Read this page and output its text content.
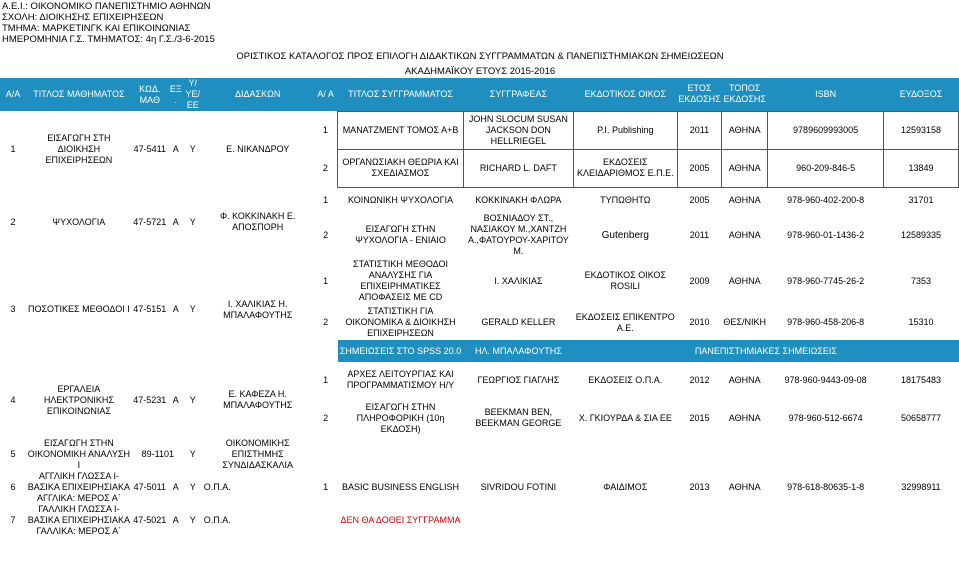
Α.Ε.Ι.: ΟΙΚΟΝΟΜΙΚΟ ΠΑΝΕΠΙΣΤΗΜΙΟ ΑΘΗΝΩΝ
ΣΧΟΛΗ: ΔΙΟΙΚΗΣΗΣ ΕΠΙΧΕΙΡΗΣΕΩΝ
ΤΜΗΜΑ: ΜΑΡΚΕΤΙΝΓΚ ΚΑΙ ΕΠΙΚΟΙΝΩΝΙΑΣ
ΗΜΕΡΟΜΗΝΙΑ Γ.Σ. ΤΜΗΜΑΤΟΣ: 4η Γ.Σ./3-6-2015
ΟΡΙΣΤΙΚΟΣ ΚΑΤΑΛΟΓΟΣ ΠΡΟΣ ΕΠΙΛΟΓΗ ΔΙΔΑΚΤΙΚΩΝ ΣΥΓΓΡΑΜΜΑΤΩΝ & ΠΑΝΕΠΙΣΤΗΜΙΑΚΩΝ ΣΗΜΕΙΩΣΕΩΝ
ΑΚΑΔΗΜΑΪΚΟΥ ΕΤΟΥΣ 2015-2016
Α/Α	ΤΙΤΛΟΣ ΜΑΘΗΜΑΤΟΣ	ΚΩΔ. ΜΑΘ	ΕΞ .	Υ/ ΥΕ/ ΕΕ	ΔΙΔΑΣΚΩΝ	Α/ Α	ΤΙΤΛΟΣ ΣΥΓΓΡΑΜΜΑΤΟΣ	ΣΥΓΓΡΑΦΕΑΣ	ΕΚΔΟΤΙΚΟΣ ΟΙΚΟΣ	ΕΤΟΣ ΕΚΔΟΣΗΣ	ΤΟΠΟΣ ΕΚΔΟΣΗΣ	ISBN	ΕΥΔΟΞΟΣ
1	ΕΙΣΑΓΩΓΗ ΣΤΗ ΔΙΟΙΚΗΣΗ ΕΠΙΧΕΙΡΗΣΕΩΝ	47-5411	Α	Υ	Ε. ΝΙΚΑΝΔΡΟΥ	1	ΜΑΝΑΤΖΜΕΝΤ ΤΟΜΟΣ Α+Β	JOHN SLOCUM SUSAN JACKSON DON HELLRIEGEL	P.I. Publishing	2011	ΑΘΗΝΑ	9789609993005	12593158
						2	ΟΡΓΑΝΩΣΙΑΚΗ ΘΕΩΡΙΑ ΚΑΙ ΣΧΕΔΙΑΣΜΟΣ	RICHARD L. DAFT	ΕΚΔΟΣΕΙΣ ΚΛΕΙΔΑΡΙΘΜΟΣ Ε.Π.Ε.	2005	ΑΘΗΝΑ	960-209-846-5	13849
2	ΨΥΧΟΛΟΓΙΑ	47-5721	Α	Υ	Φ. ΚΟΚΚΙΝΑΚΗ Ε. ΑΠΟΣΠΟΡΗ	1	ΚΟΙΝΩΝΙΚΗ ΨΥΧΟΛΟΓΙΑ	ΚΟΚΚΙΝΑΚΗ ΦΛΩΡΑ	ΤΥΠΩΘΗΤΩ	2005	ΑΘΗΝΑ	978-960-402-200-8	31701
						2	ΕΙΣΑΓΩΓΗ ΣΤΗΝ ΨΥΧΟΛΟΓΙΑ - ΕΝΙΑΙΟ	ΒΟΣΝΙΑΔΟΥ ΣΤ., ΝΑΣΙΑΚΟΥ Μ.,ΧΑΝΤΖΗ Α.,ΦΑΤΟΥΡΟΥ-ΧΑΡΙΤΟΥ Μ.	Gutenberg	2011	ΑΘΗΝΑ	978-960-01-1436-2	12589335
3	ΠΟΣΟΤΙΚΕΣ ΜΕΘΟΔΟΙ Ι	47-5151	Α	Υ	Ι. ΧΑΛΙΚΙΑΣ Η. ΜΠΑΛΑΦΟΥΤΗΣ	1	ΣΤΑΤΙΣΤΙΚΗ ΜΕΘΟΔΟΙ ΑΝΑΛΥΣΗΣ ΓΙΑ ΕΠΙΧΕΙΡΗΜΑΤΙΚΕΣ ΑΠΟΦΑΣΕΙΣ ΜΕ CD	Ι. ΧΑΛΙΚΙΑΣ	ΕΚΔΟΤΙΚΟΣ ΟΙΚΟΣ ROSILI	2009	ΑΘΗΝΑ	978-960-7745-26-2	7353
						2	ΣΤΑΤΙΣΤΙΚΗ ΓΙΑ ΟΙΚΟΝΟΜΙΚΑ & ΔΙΟΙΚΗΣΗ ΕΠΙΧΕΙΡΗΣΕΩΝ	GERALD KELLER	ΕΚΔΟΣΕΙΣ ΕΠΙΚΕΝΤΡΟ Α.Ε.	2010	ΘΕΣ/ΝΙΚΗ	978-960-458-206-8	15310
							ΣΗΜΕΙΩΣΕΙΣ ΣΤΟ SPSS 20.0	ΗΛ. ΜΠΑΛΑΦΟΥΤΗΣ	ΠΑΝΕΠΙΣΤΗΜΙΑΚΕΣ ΣΗΜΕΙΩΣΕΙΣ				
4	ΕΡΓΑΛΕΙΑ ΗΛΕΚΤΡΟΝΙΚΗΣ ΕΠΙΚΟΙΝΩΝΙΑΣ	47-5231	Α	Υ	Ε. ΚΑΦΕΖΑ Η. ΜΠΑΛΑΦΟΥΤΗΣ	1	ΑΡΧΕΣ ΛΕΙΤΟΥΡΓΙΑΣ ΚΑΙ ΠΡΟΓΡΑΜΜΑΤΙΣΜΟΥ Η/Υ	ΓΕΩΡΓΙΟΣ ΓΙΑΓΛΗΣ	ΕΚΔΟΣΕΙΣ Ο.Π.Α.	2012	ΑΘΗΝΑ	978-960-9443-09-08	18175483
						2	ΕΙΣΑΓΩΓΗ ΣΤΗΝ ΠΛΗΡΟΦΟΡΙΚΗ (10η ΕΚΔΟΣΗ)	BEEKMAN BEN, BEEKMAN GEORGE	Χ. ΓΚΙΟΥΡΔΑ & ΣΙΑ ΕΕ	2015	ΑΘΗΝΑ	978-960-512-6674	50658777
5	ΕΙΣΑΓΩΓΗ ΣΤΗΝ ΟΙΚΟΝΟΜΙΚΗ ΑΝΑΛΥΣΗ Ι	89-1101		Υ	ΟΙΚΟΝΟΜΙΚΗΣ ΕΠΙΣΤΗΜΗΣ ΣΥΝΔΙΔΑΣΚΑΛΙΑ								
6	ΑΓΓΛΙΚΗ ΓΛΩΣΣΑ Ι- ΒΑΣΙΚΑ ΕΠΙΧΕΙΡΗΣΙΑΚΑ ΑΓΓΛΙΚΑ: ΜΕΡΟΣ Α΄	47-5011	Α	Υ	Ο.Π.Α.	1	BASIC BUSINESS ENGLISH	SIVRIDOU FOTINI	ΦΑΙΔΙΜΟΣ	2013	ΑΘΗΝΑ	978-618-80635-1-8	32998911
7	ΓΑΛΛΙΚΗ ΓΛΩΣΣΑ Ι- ΒΑΣΙΚΑ ΕΠΙΧΕΙΡΗΣΙΑΚΑ ΓΑΛΛΙΚΑ: ΜΕΡΟΣ Α΄	47-5021	Α	Υ	Ο.Π.Α.		ΔΕΝ ΘΑ ΔΟΘΕΙ ΣΥΓΓΡΑΜΜΑ						
